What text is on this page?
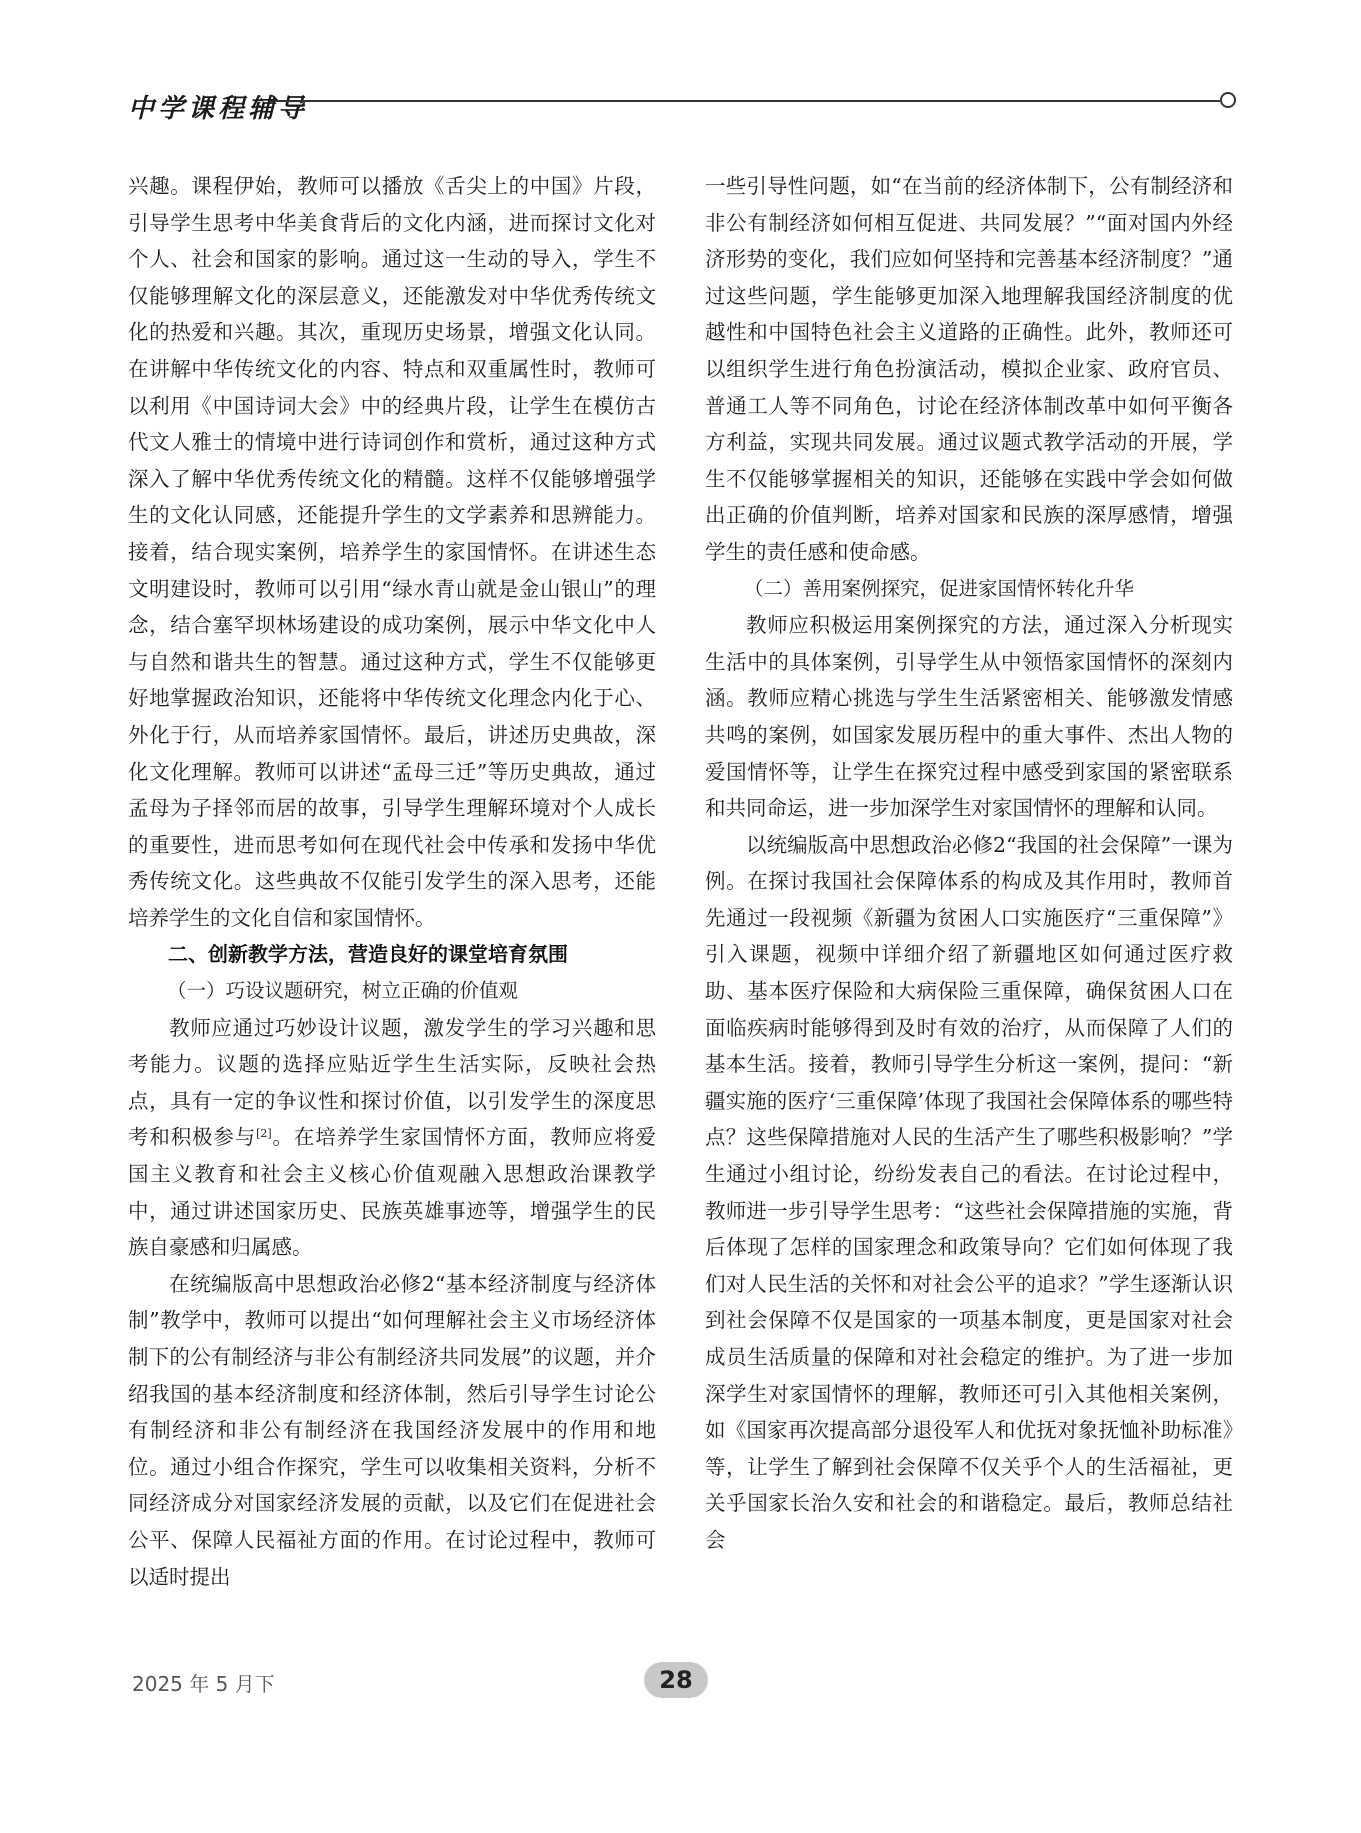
中学课程辅导

兴趣。课程伊始，教师可以播放《舌尖上的中国》片段，引导学生思考中华美食背后的文化内涵，进而探讨文化对个人、社会和国家的影响。通过这一生动的导入，学生不仅能够理解文化的深层意义，还能激发对中华优秀传统文化的热爱和兴趣。其次，重现历史场景，增强文化认同。在讲解中华传统文化的内容、特点和双重属性时，教师可以利用《中国诗词大会》中的经典片段，让学生在模仿古代文人雅士的情境中进行诗词创作和赏析，通过这种方式深入了解中华优秀传统文化的精髓。这样不仅能够增强学生的文化认同感，还能提升学生的文学素养和思辨能力。接着，结合现实案例，培养学生的家国情怀。在讲述生态文明建设时，教师可以引用“绿水青山就是金山银山”的理念，结合塞罕坝林场建设的成功案例，展示中华文化中人与自然和谐共生的智慧。通过这种方式，学生不仅能够更好地掌握政治知识，还能将中华传统文化理念内化于心、外化于行，从而培养家国情怀。最后，讲述历史典故，深化文化理解。教师可以讲述“孟母三迁”等历史典故，通过孟母为子择邻而居的故事，引导学生理解环境对个人成长的重要性，进而思考如何在现代社会中传承和发扬中华优秀传统文化。这些典故不仅能引发学生的深入思考，还能培养学生的文化自信和家国情怀。

二、创新教学方法，营造良好的课堂培育氛围

（一）巧设议题研究，树立正确的价值观

教师应通过巧妙设计议题，激发学生的学习兴趣和思考能力。议题的选择应贴近学生生活实际，反映社会热点，具有一定的争议性和探讨价值，以引发学生的深度思考和积极参与[2]。在培养学生家国情怀方面，教师应将爱国主义教育和社会主义核心价值观融入思想政治课教学中，通过讲述国家历史、民族英雄事迹等，增强学生的民族自豪感和归属感。

在统编版高中思想政治必修2“基本经济制度与经济体制”教学中，教师可以提出“如何理解社会主义市场经济体制下的公有制经济与非公有制经济共同发展”的议题，并介绍我国的基本经济制度和经济体制，然后引导学生讨论公有制经济和非公有制经济在我国经济发展中的作用和地位。通过小组合作探究，学生可以收集相关资料，分析不同经济成分对国家经济发展的贡献，以及它们在促进社会公平、保障人民福祉方面的作用。在讨论过程中，教师可以适时提出

一些引导性问题，如“在当前的经济体制下，公有制经济和非公有制经济如何相互促进、共同发展？”“面对国内外经济形势的变化，我们应如何坚持和完善基本经济制度？”通过这些问题，学生能够更加深入地理解我国经济制度的优越性和中国特色社会主义道路的正确性。此外，教师还可以组织学生进行角色扮演活动，模拟企业家、政府官员、普通工人等不同角色，讨论在经济体制改革中如何平衡各方利益，实现共同发展。通过议题式教学活动的开展，学生不仅能够掌握相关的知识，还能够在实践中学会如何做出正确的价值判断，培养对国家和民族的深厚感情，增强学生的责任感和使命感。

（二）善用案例探究，促进家国情怀转化升华

教师应积极运用案例探究的方法，通过深入分析现实生活中的具体案例，引导学生从中领悟家国情怀的深刻内涵。教师应精心挑选与学生生活紧密相关、能够激发情感共鸣的案例，如国家发展历程中的重大事件、杰出人物的爱国情怀等，让学生在探究过程中感受到家国的紧密联系和共同命运，进一步加深学生对家国情怀的理解和认同。

以统编版高中思想政治必修2“我国的社会保障”一课为例。在探讨我国社会保障体系的构成及其作用时，教师首先通过一段视频《新疆为贫困人口实施医疗“三重保障”》引入课题，视频中详细介绍了新疆地区如何通过医疗救助、基本医疗保险和大病保险三重保障，确保贫困人口在面临疾病时能够得到及时有效的治疗，从而保障了人们的基本生活。接着，教师引导学生分析这一案例，提问：“新疆实施的医疗‘三重保障’体现了我国社会保障体系的哪些特点？这些保障措施对人民的生活产生了哪些积极影响？”学生通过小组讨论，纷纷发表自己的看法。在讨论过程中，教师进一步引导学生思考：“这些社会保障措施的实施，背后体现了怎样的国家理念和政策导向？它们如何体现了我们对人民生活的关怀和对社会公平的追求？”学生逐渐认识到社会保障不仅是国家的一项基本制度，更是国家对社会成员生活质量的保障和对社会稳定的维护。为了进一步加深学生对家国情怀的理解，教师还可引入其他相关案例，如《国家再次提高部分退役军人和优抚对象抚恤补助标准》等，让学生了解到社会保障不仅关乎个人的生活福祉，更关乎国家长治久安和社会的和谐稳定。最后，教师总结社会

2025 年 5 月下	28
